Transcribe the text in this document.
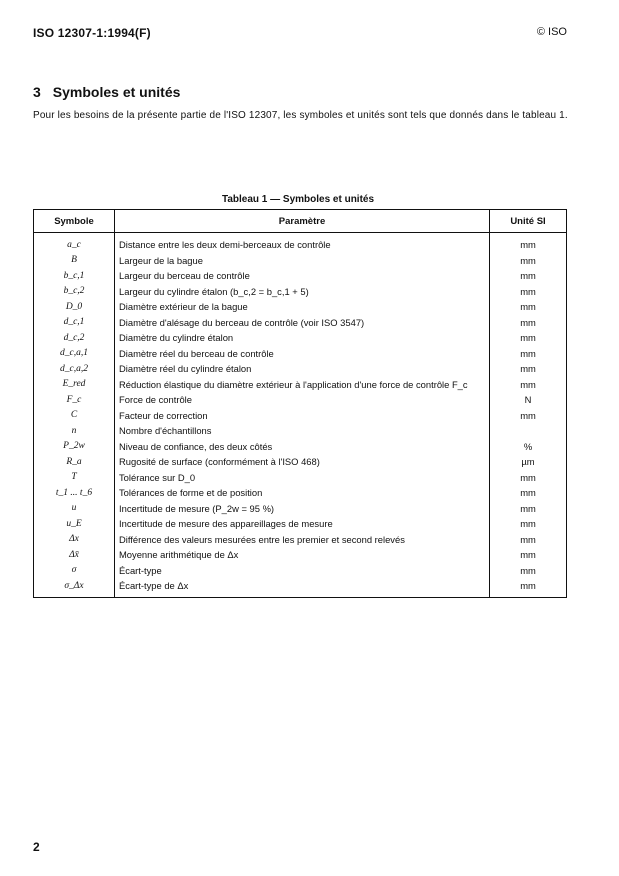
ISO 12307-1:1994(F)	© ISO
3 Symboles et unités
Pour les besoins de la présente partie de l'ISO 12307, les symboles et unités sont tels que donnés dans le tableau 1.
Tableau 1 — Symboles et unités
Symbole	Paramètre	Unité SI
a_c	Distance entre les deux demi-berceaux de contrôle	mm
B	Largeur de la bague	mm
b_c,1	Largeur du berceau de contrôle	mm
b_c,2	Largeur du cylindre étalon (b_c,2 = b_c,1 + 5)	mm
D_0	Diamètre extérieur de la bague	mm
d_c,1	Diamètre d'alésage du berceau de contrôle (voir ISO 3547)	mm
d_c,2	Diamètre du cylindre étalon	mm
d_c,a,1	Diamètre réel du berceau de contrôle	mm
d_c,a,2	Diamètre réel du cylindre étalon	mm
E_red	Réduction élastique du diamètre extérieur à l'application d'une force de contrôle F_c	mm
F_c	Force de contrôle	N
C	Facteur de correction	mm
n	Nombre d'échantillons	
P_2w	Niveau de confiance, des deux côtés	%
R_a	Rugosité de surface (conformément à l'ISO 468)	µm
T	Tolérance sur D_0	mm
t_1 ... t_6	Tolérances de forme et de position	mm
u	Incertitude de mesure (P_2w = 95 %)	mm
u_E	Incertitude de mesure des appareillages de mesure	mm
Δx	Différence des valeurs mesurées entre les premier et second relevés	mm
Δx̄	Moyenne arithmétique de Δx	mm
σ	Écart-type	mm
σ_Δx	Écart-type de Δx	mm
2
